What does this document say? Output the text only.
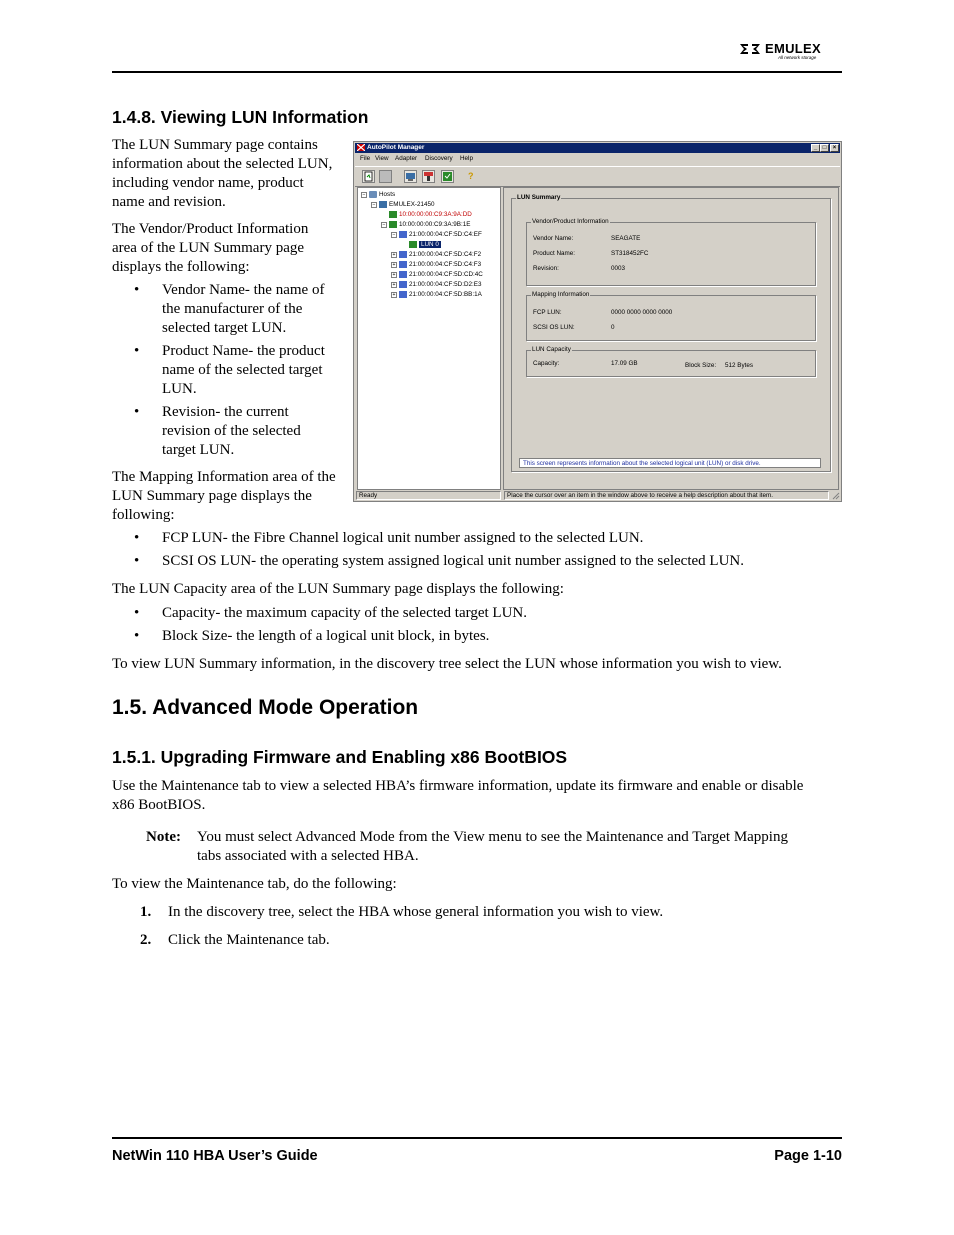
EMULEX
All network storage
1.4.8. Viewing LUN Information
The LUN Summary page contains
information about the selected LUN,
including vendor name, product
name and revision.
The Vendor/Product Information
area of the LUN Summary page
displays the following:
• Vendor Name- the name of
the manufacturer of the
selected target LUN.
• Product Name- the product
name of the selected target
LUN.
• Revision- the current
revision of the selected
target LUN.
The Mapping Information area of the
LUN Summary page displays the
following:
• FCP LUN- the Fibre Channel logical unit number assigned to the selected LUN.
• SCSI OS LUN- the operating system assigned logical unit number assigned to the selected LUN.
The LUN Capacity area of the LUN Summary page displays the following:
• Capacity- the maximum capacity of the selected target LUN.
• Block Size- the length of a logical unit block, in bytes.
To view LUN Summary information, in the discovery tree select the LUN whose information you wish to view.
1.5. Advanced Mode Operation
1.5.1. Upgrading Firmware and Enabling x86 BootBIOS
Use the Maintenance tab to view a selected HBA’s firmware information, update its firmware and enable or disable
x86 BootBIOS.
Note: You must select Advanced Mode from the View menu to see the Maintenance and Target Mapping
tabs associated with a selected HBA.
To view the Maintenance tab, do the following:
1. In the discovery tree, select the HBA whose general information you wish to view.
2. Click the Maintenance tab.
NetWin 110 HBA User’s Guide	Page 1-10
AutoPilot Manager	_ □	×
File View Adapter Discovery Help
?
−	Hosts
−	EMULEX-21450
10:00:00:00:C9:3A:9A:DD
−	10:00:00:00:C9:3A:9B:1E
−	21:00:00:04:CF:5D:C4:EF
LUN 0
+	21:00:00:04:CF:5D:C4:F2
+	21:00:00:04:CF:5D:C4:F3
+	21:00:00:04:CF:5D:CD:4C
+	21:00:00:04:CF:5D:D2:E3
+	21:00:00:04:CF:5D:BB:1A
LUN Summary
Vendor/Product Information
Vendor Name:	SEAGATE
Product Name:	ST318452FC
Revision:	0003
Mapping Information
FCP LUN:	0000 0000 0000 0000
SCSI OS LUN:	0
LUN Capacity
Capacity:	17.09 GB	Block Size: 512 Bytes
This screen represents information about the selected logical unit (LUN) or disk drive.
Ready	Place the cursor over an item in the window above to receive a help description about that item.
